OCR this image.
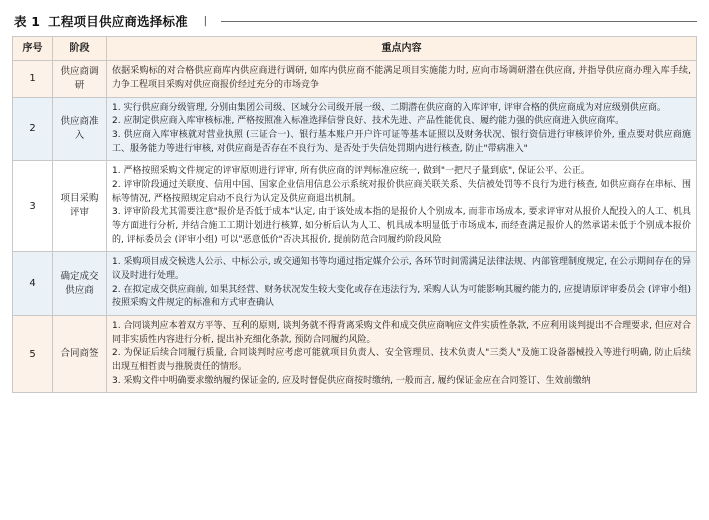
表 1 工程项目供应商选择标准	丨
序号	阶段	重点内容
1	供应商调研	依据采购标的对合格供应商库内供应商进行调研, 如库内供应商不能满足项目实施能力时, 应向市场调研潜在供应商, 并指导供应商办理入库手续, 力争工程项目采购对供应商报价经过充分的市场竞争

2	供应商准入	1. 实行供应商分级管理, 分别由集团公司级、区域分公司级开展一级、二期潜在供应商的入库评审, 评审合格的供应商成为对应级别供应商。

2. 应制定供应商入库审核标准, 严格按照准入标准选择信誉良好、技术先进、产品性能优良、履约能力强的供应商进入供应商库。

3. 供应商入库审核就对营业执照 (三证合一)、银行基本账户开户许可证等基本证照以及财务状况、银行资信进行审核评价外, 重点要对供应商施工、服务能力等进行审核, 对供应商是否存在不良行为、是否处于失信处罚期内进行核查, 防止"带病准入"

3	项目采购评审	1. 严格按照采购文件规定的评审原则进行评审, 所有供应商的评判标准应统一, 做到"一把尺子量到底", 保证公平、公正。

2. 评审阶段通过关联度、信用中国、国家企业信用信息公示系统对报价供应商关联关系、失信被处罚等不良行为进行核查, 如供应商存在串标、围标等情况, 严格按照规定启动不良行为认定及供应商退出机制。

3. 评审阶段尤其需要注意"报价是否低于成本"认定, 由于该处成本指的是报价人个别成本, 而非市场成本, 要求评审对从报价人配投入的人工、机具等方面进行分析, 并结合施工工期计划进行核算, 如分析后认为人工、机具成本明显低于市场成本, 而经查满足报价人的然承诺未低于个别成本报价的, 评标委员会 (评审小组) 可以"恶意低价"否决其报价, 提前防范合同履约阶段风险

4	确定成交供应商	1. 采购项目成交候选人公示、中标公示, 或交通知书等均通过指定媒介公示, 各环节时间需满足法律法规、内部管理制度规定, 在公示期间存在的异议及时进行处理。

2. 在拟定成交供应商前, 如果其经营、财务状况发生较大变化或存在违法行为, 采购人认为可能影响其履约能力的, 应提请原评审委员会 (评审小组) 按照采购文件规定的标准和方式审查确认

5	合同商签	1. 合同谈判应本着双方平等、互利的原则, 谈判务就不得背离采购文件和成交供应商响应文件实质性条款, 不应利用谈判提出不合理要求, 但应对合同非实质性内容进行分析, 提出补充细化条款, 预防合同履约风险。

2. 为保证后续合同履行质量, 合同谈判时应考虑可能就项目负责人、安全管理员、技术负责人"三类人"及施工设备器械投入等进行明确, 防止后续出现互相哲责与推脱责任的情形。

3. 采购文件中明确要求缴纳履约保证金的, 应及时督促供应商按时缴纳, 一般而言, 履约保证金应在合同签订、生效前缴纳
